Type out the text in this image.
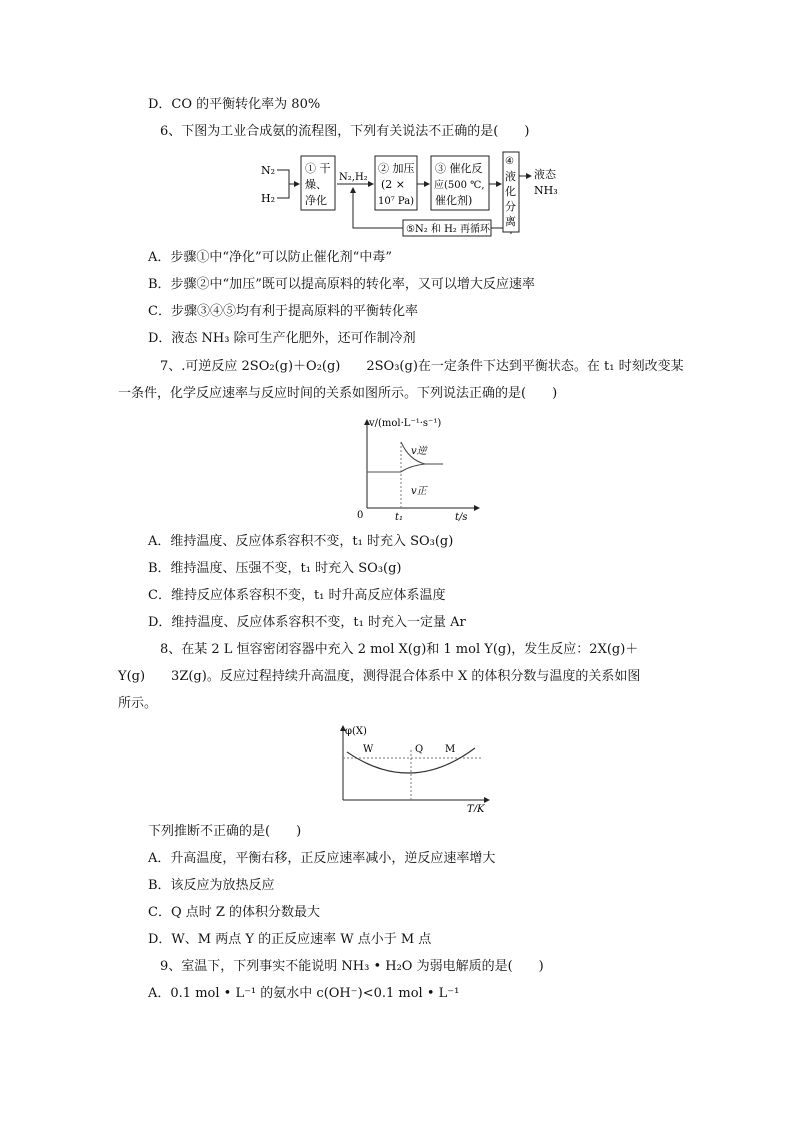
D．CO 的平衡转化率为 80%
6、下图为工业合成氨的流程图，下列有关说法不正确的是(　　)
N₂
H₂
① 干
燥、
净化
N₂,H₂
② 加压
(2 ×
10⁷ Pa)
③ 催化反
应(500 ℃,
催化剂)
④
液
化
分
离
液态
NH₃
⑤N₂ 和 H₂ 再循环
A．步骤①中“净化”可以防止催化剂“中毒”
B．步骤②中“加压”既可以提高原料的转化率，又可以增大反应速率
C．步骤③④⑤均有利于提高原料的平衡转化率
D．液态 NH₃ 除可生产化肥外，还可作制冷剂
7、.可逆反应 2SO₂(g)＋O₂(g)　　2SO₃(g)在一定条件下达到平衡状态。在 t₁ 时刻改变某
一条件，化学反应速率与反应时间的关系如图所示。下列说法正确的是(　　)
v/(mol·L⁻¹·s⁻¹)
t/s
0	t₁
v逆
v正
A．维持温度、反应体系容积不变，t₁ 时充入 SO₃(g)
B．维持温度、压强不变，t₁ 时充入 SO₃(g)
C．维持反应体系容积不变，t₁ 时升高反应体系温度
D．维持温度、反应体系容积不变，t₁ 时充入一定量 Ar
8、在某 2 L 恒容密闭容器中充入 2 mol X(g)和 1 mol Y(g)，发生反应：2X(g)＋
Y(g)　　3Z(g)。反应过程持续升高温度，测得混合体系中 X 的体积分数与温度的关系如图
所示。
φ(X)
T/K
W	Q M
下列推断不正确的是(　　)
A．升高温度，平衡右移，正反应速率减小，逆反应速率增大
B．该反应为放热反应
C．Q 点时 Z 的体积分数最大
D．W、M 两点 Y 的正反应速率 W 点小于 M 点
9、室温下，下列事实不能说明 NH₃ • H₂O 为弱电解质的是(　　)
A．0.1 mol • L⁻¹ 的氨水中 c(OH⁻)<0.1 mol • L⁻¹
